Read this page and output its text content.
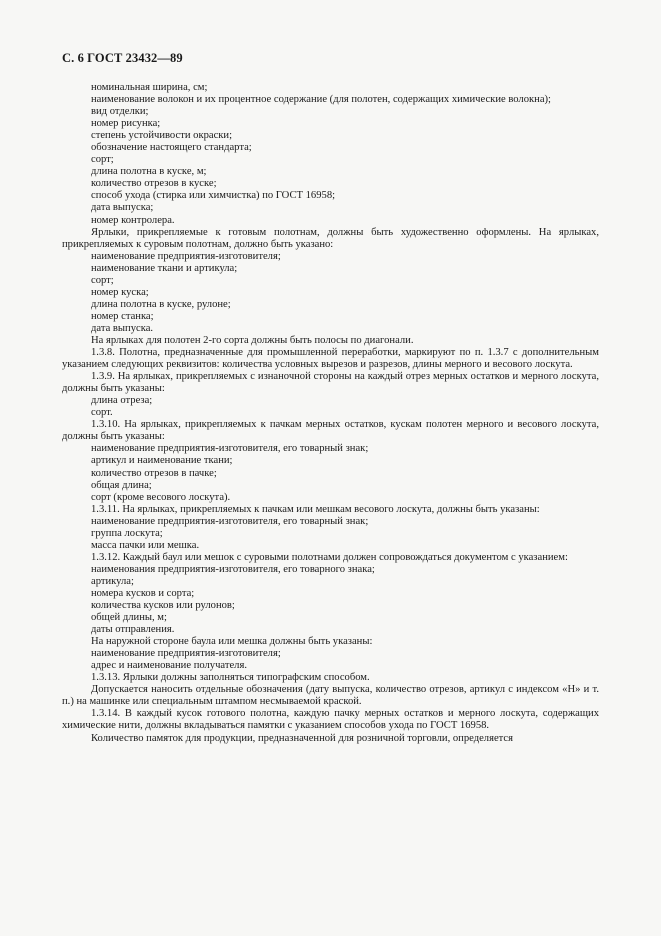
С. 6 ГОСТ 23432—89

номинальная ширина, см;

наименование волокон и их процентное содержание (для полотен, содержащих химические волокна);

вид отделки;

номер рисунка;

степень устойчивости окраски;

обозначение настоящего стандарта;

сорт;

длина полотна в куске, м;

количество отрезов в куске;

способ ухода (стирка или химчистка) по ГОСТ 16958;

дата выпуска;

номер контролера.

Ярлыки, прикрепляемые к готовым полотнам, должны быть художественно оформлены. На ярлыках, прикрепляемых к суровым полотнам, должно быть указано:

наименование предприятия-изготовителя;

наименование ткани и артикула;

сорт;

номер куска;

длина полотна в куске, рулоне;

номер станка;

дата выпуска.

На ярлыках для полотен 2-го сорта должны быть полосы по диагонали.

1.3.8. Полотна, предназначенные для промышленной переработки, маркируют по п. 1.3.7 с дополнительным указанием следующих реквизитов: количества условных вырезов и разрезов, длины мерного и весового лоскута.

1.3.9. На ярлыках, прикрепляемых с изнаночной стороны на каждый отрез мерных остатков и мерного лоскута, должны быть указаны:

длина отреза;

сорт.

1.3.10. На ярлыках, прикрепляемых к пачкам мерных остатков, кускам полотен мерного и весового лоскута, должны быть указаны:

наименование предприятия-изготовителя, его товарный знак;

артикул и наименование ткани;

количество отрезов в пачке;

общая длина;

сорт (кроме весового лоскута).

1.3.11. На ярлыках, прикрепляемых к пачкам или мешкам весового лоскута, должны быть указаны:

наименование предприятия-изготовителя, его товарный знак;

группа лоскута;

масса пачки или мешка.

1.3.12. Каждый баул или мешок с суровыми полотнами должен сопровождаться документом с указанием:

наименования предприятия-изготовителя, его товарного знака;

артикула;

номера кусков и сорта;

количества кусков или рулонов;

общей длины, м;

даты отправления.

На наружной стороне баула или мешка должны быть указаны:

наименование предприятия-изготовителя;

адрес и наименование получателя.

1.3.13. Ярлыки должны заполняться типографским способом.

Допускается наносить отдельные обозначения (дату выпуска, количество отрезов, артикул с индексом «Н» и т. п.) на машинке или специальным штампом несмываемой краской.

1.3.14. В каждый кусок готового полотна, каждую пачку мерных остатков и мерного лоскута, содержащих химические нити, должны вкладываться памятки с указанием способов ухода по ГОСТ 16958.

Количество памяток для продукции, предназначенной для розничной торговли, определяется
